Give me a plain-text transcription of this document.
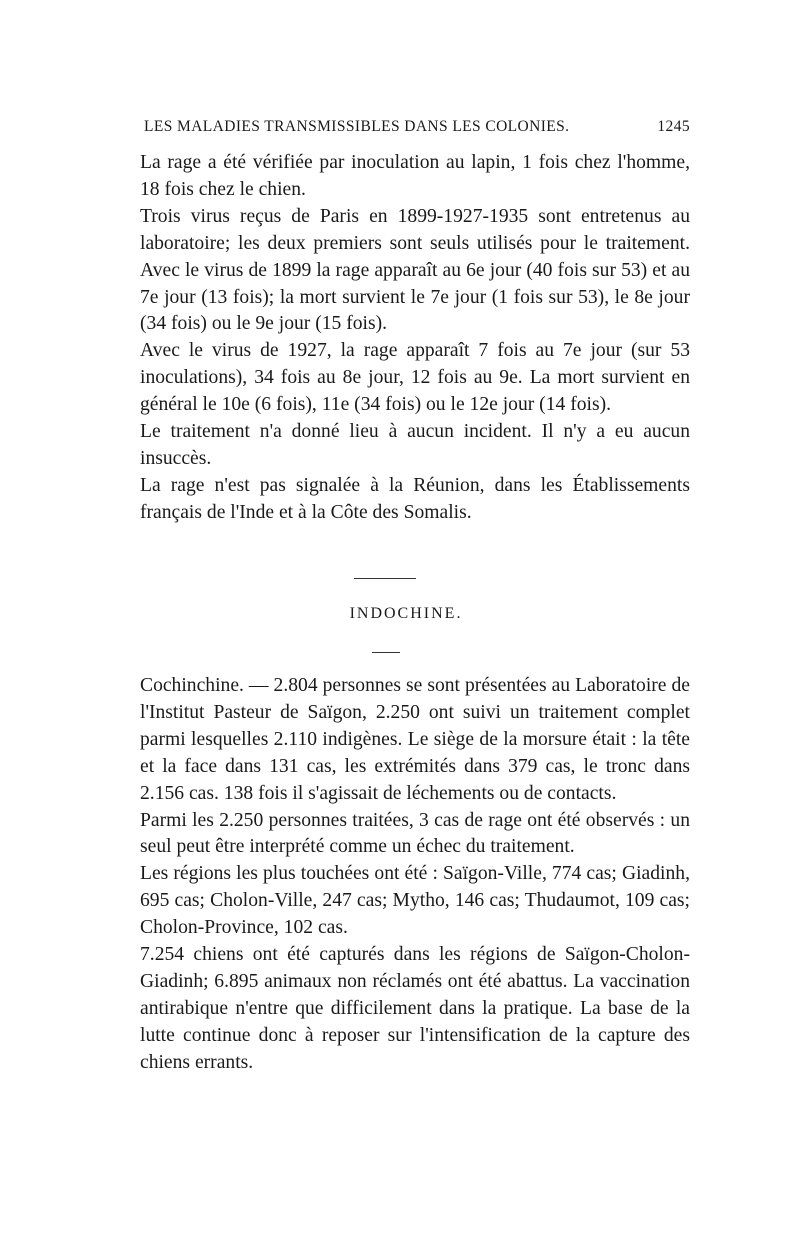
LES MALADIES TRANSMISSIBLES DANS LES COLONIES.	1245

La rage a été vérifiée par inoculation au lapin, 1 fois chez l'homme, 18 fois chez le chien.

Trois virus reçus de Paris en 1899-1927-1935 sont entretenus au laboratoire; les deux premiers sont seuls utilisés pour le traitement. Avec le virus de 1899 la rage apparaît au 6e jour (40 fois sur 53) et au 7e jour (13 fois); la mort survient le 7e jour (1 fois sur 53), le 8e jour (34 fois) ou le 9e jour (15 fois).

Avec le virus de 1927, la rage apparaît 7 fois au 7e jour (sur 53 inoculations), 34 fois au 8e jour, 12 fois au 9e. La mort survient en général le 10e (6 fois), 11e (34 fois) ou le 12e jour (14 fois).

Le traitement n'a donné lieu à aucun incident. Il n'y a eu aucun insuccès.

La rage n'est pas signalée à la Réunion, dans les Établissements français de l'Inde et à la Côte des Somalis.

INDOCHINE.

Cochinchine. — 2.804 personnes se sont présentées au Laboratoire de l'Institut Pasteur de Saïgon, 2.250 ont suivi un traitement complet parmi lesquelles 2.110 indigènes. Le siège de la morsure était : la tête et la face dans 131 cas, les extrémités dans 379 cas, le tronc dans 2.156 cas. 138 fois il s'agissait de léchements ou de contacts.

Parmi les 2.250 personnes traitées, 3 cas de rage ont été observés : un seul peut être interprété comme un échec du traitement.

Les régions les plus touchées ont été : Saïgon-Ville, 774 cas; Giadinh, 695 cas; Cholon-Ville, 247 cas; Mytho, 146 cas; Thudaumot, 109 cas; Cholon-Province, 102 cas.

7.254 chiens ont été capturés dans les régions de Saïgon-Cholon-Giadinh; 6.895 animaux non réclamés ont été abattus. La vaccination antirabique n'entre que difficilement dans la pratique. La base de la lutte continue donc à reposer sur l'intensification de la capture des chiens errants.
